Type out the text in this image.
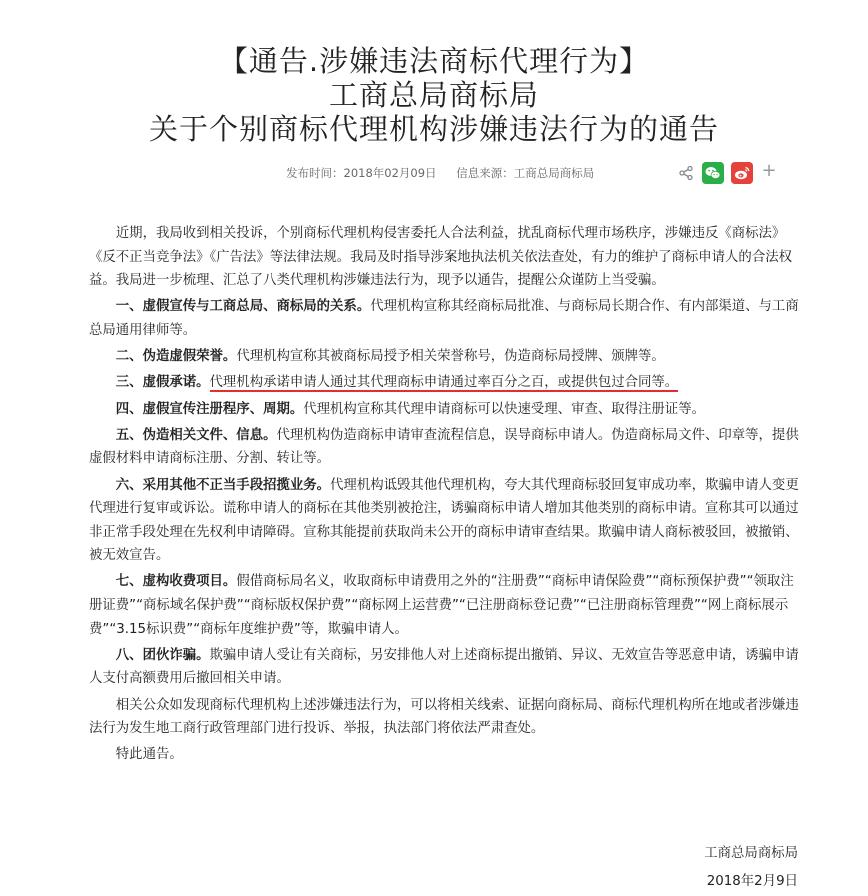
【通告.涉嫌违法商标代理行为】
工商总局商标局
关于个别商标代理机构涉嫌违法行为的通告
发布时间：2018年02月09日 信息来源：工商总局商标局	+

近期，我局收到相关投诉，个别商标代理机构侵害委托人合法利益，扰乱商标代理市场秩序，涉嫌违反《商标法》《反不正当竞争法》《广告法》等法律法规。我局及时指导涉案地执法机关依法查处，有力的维护了商标申请人的合法权益。我局进一步梳理、汇总了八类代理机构涉嫌违法行为，现予以通告，提醒公众谨防上当受骗。

一、虚假宣传与工商总局、商标局的关系。代理机构宣称其经商标局批准、与商标局长期合作、有内部渠道、与工商总局通用律师等。

二、伪造虚假荣誉。代理机构宣称其被商标局授予相关荣誉称号，伪造商标局授牌、颁牌等。

三、虚假承诺。代理机构承诺申请人通过其代理商标申请通过率百分之百，或提供包过合同等。

四、虚假宣传注册程序、周期。代理机构宣称其代理申请商标可以快速受理、审查、取得注册证等。

五、伪造相关文件、信息。代理机构伪造商标申请审查流程信息，误导商标申请人。伪造商标局文件、印章等，提供虚假材料申请商标注册、分割、转让等。

六、采用其他不正当手段招揽业务。代理机构诋毁其他代理机构，夸大其代理商标驳回复审成功率，欺骗申请人变更代理进行复审或诉讼。谎称申请人的商标在其他类别被抢注，诱骗商标申请人增加其他类别的商标申请。宣称其可以通过非正常手段处理在先权利申请障碍。宣称其能提前获取尚未公开的商标申请审查结果。欺骗申请人商标被驳回，被撤销、被无效宣告。

七、虚构收费项目。假借商标局名义，收取商标申请费用之外的“注册费”“商标申请保险费”“商标预保护费”“领取注册证费”“商标域名保护费”“商标版权保护费”“商标网上运营费”“已注册商标登记费”“已注册商标管理费”“网上商标展示费”“3.15标识费”“商标年度维护费”等，欺骗申请人。

八、团伙诈骗。欺骗申请人受让有关商标，另安排他人对上述商标提出撤销、异议、无效宣告等恶意申请，诱骗申请人支付高额费用后撤回相关申请。

相关公众如发现商标代理机构上述涉嫌违法行为，可以将相关线索、证据向商标局、商标代理机构所在地或者涉嫌违法行为发生地工商行政管理部门进行投诉、举报，执法部门将依法严肃查处。

特此通告。

工商总局商标局
2018年2月9日
